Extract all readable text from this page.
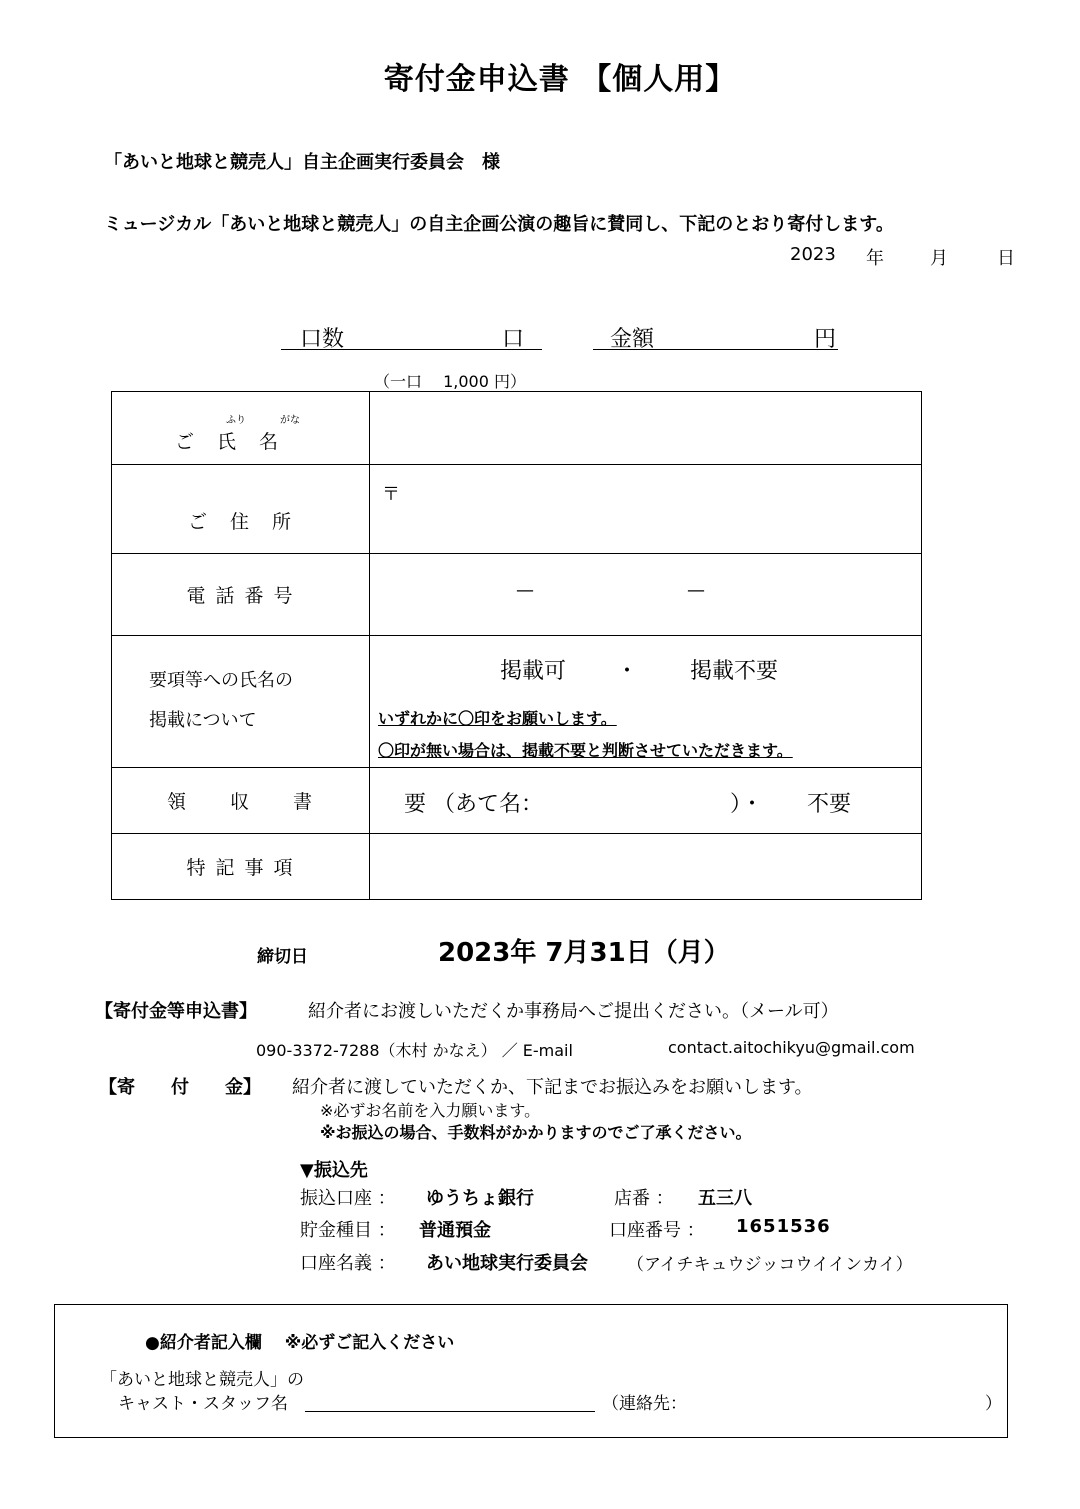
寄付金申込書 【個人用】
「あいと地球と競売人」自主企画実行委員会　様
ミュージカル「あいと地球と競売人」の自主企画公演の趣旨に賛同し、下記のとおり寄付します。
2023 年	月	日
口数	口	金額	円
（一口　 1,000 円）
ふり がな
ご　氏　名	

ご　住　所	〒

電 話 番 号	— —

要項等への氏名の
掲載について	掲載可 ・ 掲載不要
いずれかに〇印をお願いします。
〇印が無い場合は、掲載不要と判断させていただきます。

領　　収　　書	要 （あて名： ）・ 不要

特 記 事 項	
締切日	2023年 7月31日（月）
【寄付金等申込書】	紹介者にお渡しいただくか事務局へご提出ください。（メール可）
090-3372-7288（木村 かなえ） ／ E-mail	contact.aitochikyu@gmail.com
【寄　　付　　金】 紹介者に渡していただくか、下記までお振込みをお願いします。
※必ずお名前を入力願います。
※お振込の場合、手数料がかかりますのでご了承ください。
▼振込先
振込口座 ： ゆうちょ銀行	店番 ： 五三八
貯金種目 ： 普通預金	口座番号 ： 1651536
口座名義 ： あい地球実行委員会 （アイチキュウジッコウイインカイ）
●紹介者記入欄　 ※必ずご記入ください
「あいと地球と競売人」の
キャスト・スタッフ名	（連絡先：	）
